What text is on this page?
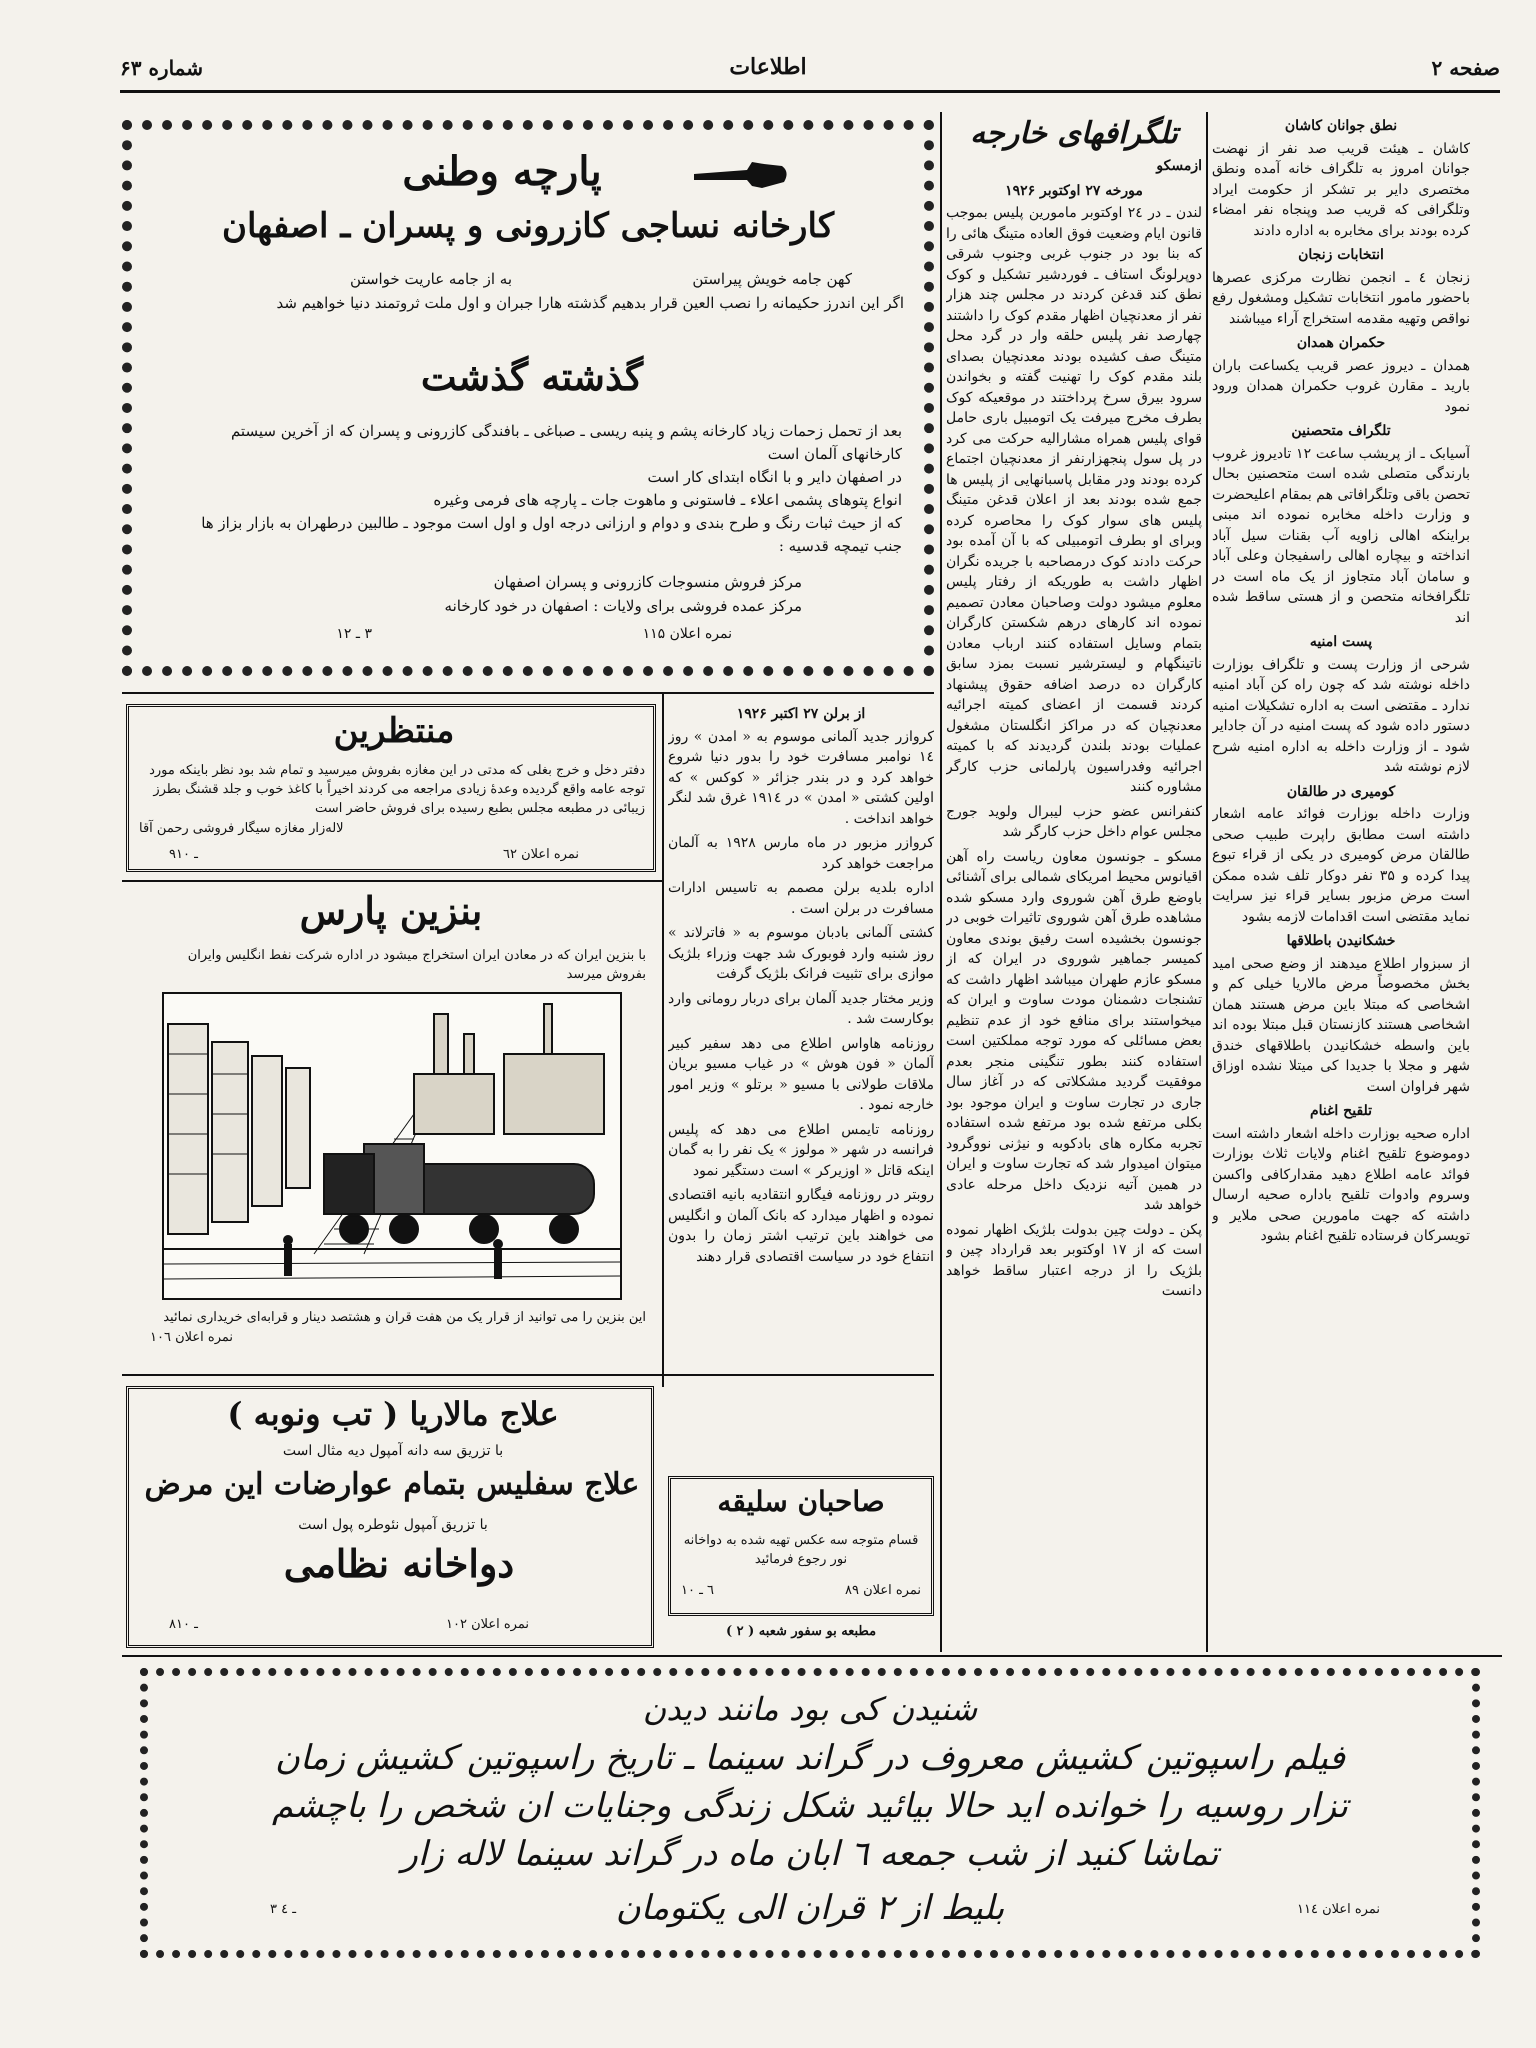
صفحه ۲
اطلاعات
شماره ۶۳

نطق جوانان کاشان

کاشان ـ هیئت قریب صد نفر از نهضت جوانان امروز به تلگراف خانه آمده ونطق مختصری دایر بر تشکر از حکومت ایراد وتلگرافی که قریب صد وپنجاه نفر امضاء کرده بودند برای مخابره به اداره دادند

انتخابات زنجان

زنجان ٤ ـ انجمن نظارت مرکزی عصرها باحضور مامور انتخابات تشکیل ومشغول رفع نواقص وتهیه مقدمه استخراج آراء میباشند

حکمران همدان

همدان ـ دیروز عصر قریب یکساعت باران بارید ـ مقارن غروب حکمران همدان ورود نمود

تلگراف متحصنین

آسیابک ـ از پریشب ساعت ۱۲ تادیروز غروب بارندگی متصلی شده است متحصنین بحال تحصن باقی وتلگرافاتی هم بمقام اعلیحضرت و وزارت داخله مخابره نموده اند مبنی براینکه اهالی زاویه آب بقنات سیل آباد انداخته و بیچاره اهالی راسفیجان وعلی آباد و سامان آباد متجاوز از یک ماه است در تلگرافخانه متحصن و از هستی ساقط شده اند

پست امنیه

شرحی از وزارت پست و تلگراف بوزارت داخله نوشته شد که چون راه کن آباد امنیه ندارد ـ مقتضی است به اداره تشکیلات امنیه دستور داده شود که پست امنیه در آن جادایر شود ـ از وزارت داخله به اداره امنیه شرح لازم نوشته شد

کومیری در طالقان

وزارت داخله بوزارت فوائد عامه اشعار داشته است مطابق راپرت طبیب صحی طالقان مرض کومیری در یکی از قراء تبوع پیدا کرده و ۳۵ نفر دوکار تلف شده ممکن است مرض مزبور بسایر قراء نیز سرایت نماید مقتضی است اقدامات لازمه بشود

خشکانیدن باطلاقها

از سبزوار اطلاع میدهند از وضع صحی امید بخش مخصوصاً مرض مالاریا خیلی کم و اشخاصی که مبتلا باین مرض هستند همان اشخاصی هستند کازنستان قبل مبتلا بوده اند باین واسطه خشکانیدن باطلاقهای خندق شهر و مجلا با جدیدا کی میتلا نشده اوزاق شهر فراوان است

تلقیح اغنام

اداره صحیه بوزارت داخله اشعار داشته است دوموضوع تلقیح اغنام ولایات ثلاث بوزارت فوائد عامه اطلاع دهید مقدارکافی واکسن وسروم وادوات تلقیح باداره صحیه ارسال داشته که جهت مامورین صحی ملایر و تویسرکان فرستاده تلقیح اغنام بشود

تلگرافهای خارجه

ازمسکو

مورخه ۲۷ اوکتوبر ۱۹۲۶

لندن ـ در ۲٤ اوکتوبر مامورین پلیس بموجب قانون ایام وضعیت فوق العاده متینگ هائی را که بنا بود در جنوب غربی وجنوب شرقی دوپرلونگ استاف ـ فوردشیر تشکیل و کوک نطق کند قدغن کردند در مجلس چند هزار نفر از معدنچیان اظهار مقدم کوک را داشتند چهارصد نفر پلیس حلقه وار در گرد محل متینگ صف کشیده بودند معدنچیان بصدای بلند مقدم کوک را تهنیت گفته و بخواندن سرود بیرق سرخ پرداختند در موقعیکه کوک بطرف مخرج میرفت یک اتومبیل باری حامل قوای پلیس همراه مشارالیه حرکت می کرد در پل سول پنجهزارنفر از معدنچیان اجتماع کرده بودند ودر مقابل پاسبانهایی از پلیس ها جمع شده بودند بعد از اعلان قدغن متینگ پلیس های سوار کوک را محاصره کرده وبرای او بطرف اتومبیلی که با آن آمده بود حرکت دادند کوک درمصاحبه با جریده نگران اظهار داشت به طوریکه از رفتار پلیس معلوم میشود دولت وصاحبان معادن تصمیم نموده اند کارهای درهم شکستن کارگران بتمام وسایل استفاده کنند ارباب معادن ناتینگهام و لیسترشیر نسبت بمزد سابق کارگران ده درصد اضافه حقوق پیشنهاد کردند قسمت از اعضای کمیته اجرائیه معدنچیان که در مراکز انگلستان مشغول عملیات بودند بلندن گردیدند که با کمیته اجرائیه وفدراسیون پارلمانی حزب کارگر مشاوره کنند

کنفرانس عضو حزب لیبرال ولوید جورج مجلس عوام داخل حزب کارگر شد

مسکو ـ جونسون معاون ریاست راه آهن اقیانوس محیط امریکای شمالی برای آشنائی باوضع طرق آهن شوروی وارد مسکو شده مشاهده طرق آهن شوروی تاثیرات خوبی در جونسون بخشیده است رفیق بوندی معاون کمیسر جماهیر شوروی در ایران که از مسکو عازم طهران میباشد اظهار داشت که تشنجات دشمنان مودت ساوت و ایران که میخواستند برای منافع خود از عدم تنظیم بعض مسائلی که مورد توجه مملکتین است استفاده کنند بطور تنگینی منجر بعدم موفقیت گردید مشکلاتی که در آغاز سال جاری در تجارت ساوت و ایران موجود بود بکلی مرتفع شده بود مرتفع شده استفاده تجربه مکاره های بادکوبه و نیژنی نووگرود میتوان امیدوار شد که تجارت ساوت و ایران در همین آتیه نزدیک داخل مرحله عادی خواهد شد

پکن ـ دولت چین بدولت بلژیک اظهار نموده است که از ۱۷ اوکتوبر بعد قرارداد چین و بلژیک را از درجه اعتبار ساقط خواهد دانست

پارچه وطنی
کارخانه نساجی کازرونی و پسران ـ اصفهان
کهن جامه خویش پیراستن
به از جامه عاریت خواستن
اگر این اندرز حکیمانه را نصب العین قرار بدهیم گذشته هارا جبران و اول ملت ثروتمند دنیا خواهیم شد
گذشته گذشت
بعد از تحمل زحمات زیاد کارخانه پشم و پنبه ریسی ـ صباغی ـ بافندگی کازرونی و پسران که از آخرین سیستم کارخانهای آلمان است
در اصفهان دایر و با انگاه ابتدای کار است
انواع پتوهای پشمی اعلاء ـ فاستونی و ماهوت جات ـ پارچه های فرمی وغیره
که از حیث ثبات رنگ و طرح بندی و دوام و ارزانی درجه اول و اول است موجود ـ طالبین درطهران به بازار بزاز ها جنب تیمچه قدسیه :
مرکز فروش منسوجات کازرونی و پسران اصفهان
مرکز عمده فروشی برای ولایات : اصفهان در خود کارخانه
نمره اعلان ۱۱۵
۳ ـ ۱۲
منتظرین
دفتر دخل و خرج بغلی که مدتی در این مغازه بفروش میرسید و تمام شد بود نظر باینکه مورد توجه عامه واقع گردیده وعدهٔ زیادی مراجعه می کردند اخیراً با کاغذ خوب و جلد قشنگ بطرز زیبائی در مطبعه مجلس بطبع رسیده برای فروش حاضر است
لاله‌زار مغازه سیگار فروشی رحمن آقا
نمره اعلان ٦۲
۹ـ ۱۰
بنزین پارس
با بنزین ایران که در معادن ایران استخراج میشود در اداره شرکت نفط انگلیس وایران بفروش میرسد
این بنزین را می توانید از قرار یک من هفت قران و هشتصد دینار و قرابه‌ای خریداری نمائید
نمره اعلان ۱۰٦

از برلن ۲۷ اکتبر ۱۹۲۶

کروازر جدید آلمانی موسوم به « امدن » روز ۱٤ نوامبر مسافرت خود را بدور دنیا شروع خواهد کرد و در بندر جزائر « کوکس » که اولین کشتی « امدن » در ۱۹۱٤ غرق شد لنگر خواهد انداخت .

کروازر مزبور در ماه مارس ۱۹۲۸ به آلمان مراجعت خواهد کرد

اداره بلدیه برلن مصمم به تاسیس ادارات مسافرت در برلن است .

کشتی آلمانی بادبان موسوم به « فاترلاند » روز شنبه وارد فوبورک شد جهت وزراء بلژیک موازی برای تثبیت فرانک بلژیک گرفت

وزیر مختار جدید آلمان برای دربار رومانی وارد بوکارست شد .

روزنامه هاواس اطلاع می دهد سفیر کبیر آلمان « فون هوش » در غیاب مسیو بریان ملاقات طولانی با مسیو « برتلو » وزیر امور خارجه نمود .

روزنامه تایمس اطلاع می دهد که پلیس فرانسه در شهر « مولوز » یک نفر را به گمان اینکه قاتل « اوزیرکر » است دستگیر نمود

روبتر در روزنامه فیگارو انتقادیه بانیه اقتصادی نموده و اظهار میدارد که بانک آلمان و انگلیس می خواهند باین ترتیب اشتر زمان را بدون انتفاع خود در سیاست اقتصادی قرار دهند

علاج مالاریا ( تب ونوبه )
با تزریق سه دانه آمپول دیه مثال است
علاج سفلیس بتمام عوارضات این مرض
با تزریق آمپول نئوطره پول است
دواخانه نظامی
نمره اعلان ۱۰۲
۸ـ ۱۰
صاحبان سلیقه
قسام متوجه سه عکس تهیه شده به دواخانه نور رجوع فرمائید
نمره اعلان ۸۹
٦ ـ ۱۰
مطبعه بو سفور شعبه ( ۲ )
شنیدن کی بود مانند دیدن
فیلم راسپوتین کشیش معروف در گراند سینما ـ تاریخ راسپوتین کشیش زمان
تزار روسیه را خوانده اید حالا بیائید شکل زندگی وجنایات ان شخص را باچشم
تماشا کنید از شب جمعه ٦ ابان ماه در گراند سینما لاله زار
بلیط از ۲ قران الی یکتومان	نمره اعلان ۱۱٤
۳ ـ ٤
